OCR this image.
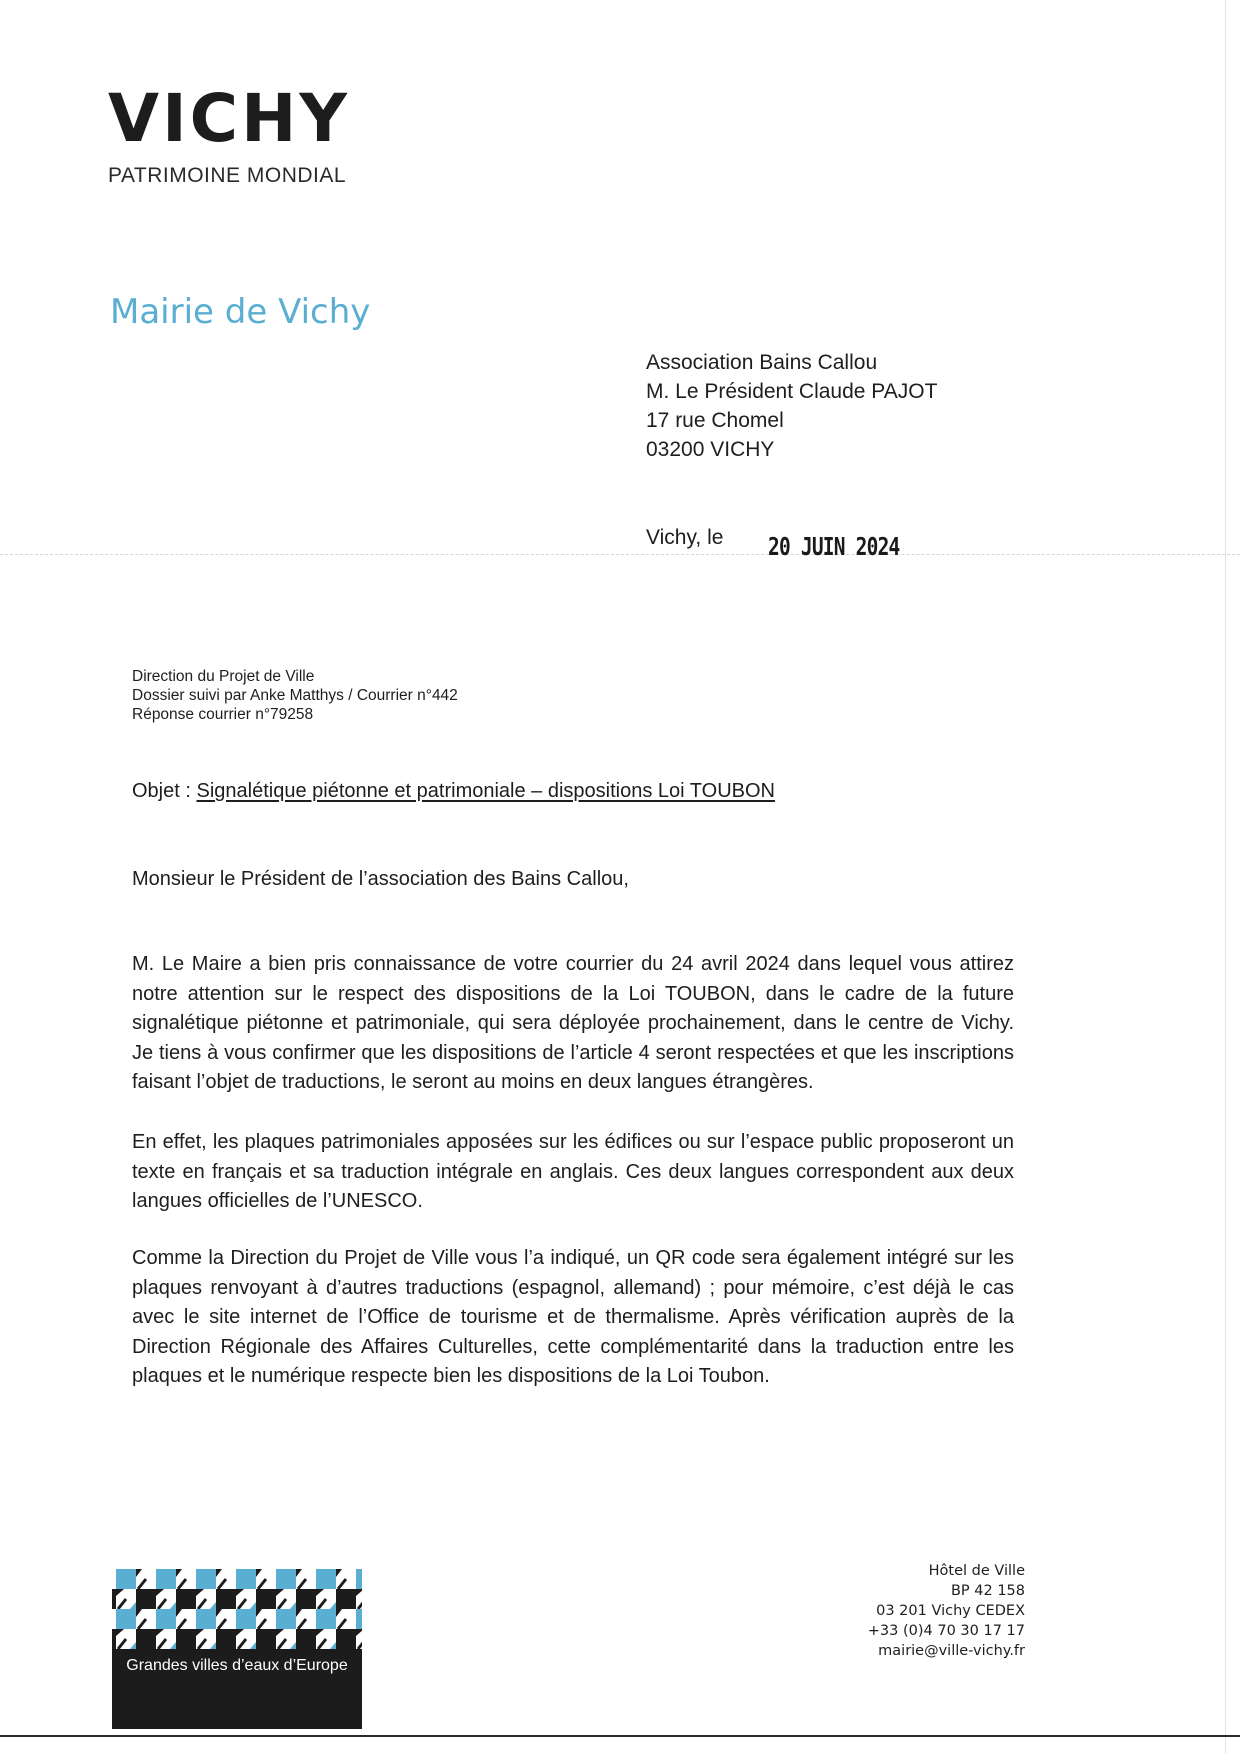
VICHY
PATRIMOINE MONDIAL
Mairie de Vichy
Association Bains Callou
M. Le Président Claude PAJOT
17 rue Chomel
03200 VICHY
Vichy, le 20 JUIN 2024
Direction du Projet de Ville
Dossier suivi par Anke Matthys / Courrier n°442
Réponse courrier n°79258
Objet : Signalétique piétonne et patrimoniale – dispositions Loi TOUBON
Monsieur le Président de l’association des Bains Callou,

M. Le Maire a bien pris connaissance de votre courrier du 24 avril 2024 dans lequel vous attirez notre attention sur le respect des dispositions de la Loi TOUBON, dans le cadre de la future signalétique piétonne et patrimoniale, qui sera déployée prochainement, dans le centre de Vichy. Je tiens à vous confirmer que les dispositions de l’article 4 seront respectées et que les inscriptions faisant l’objet de traductions, le seront au moins en deux langues étrangères.

En effet, les plaques patrimoniales apposées sur les édifices ou sur l’espace public proposeront un texte en français et sa traduction intégrale en anglais. Ces deux langues correspondent aux deux langues officielles de l’UNESCO.

Comme la Direction du Projet de Ville vous l’a indiqué, un QR code sera également intégré sur les plaques renvoyant à d’autres traductions (espagnol, allemand) ; pour mémoire, c’est déjà le cas avec le site internet de l’Office de tourisme et de thermalisme. Après vérification auprès de la Direction Régionale des Affaires Culturelles, cette complémentarité dans la traduction entre les plaques et le numérique respecte bien les dispositions de la Loi Toubon.

Grandes villes d’eaux d’Europe
Hôtel de Ville
BP 42 158
03 201 Vichy CEDEX
+33 (0)4 70 30 17 17
mairie@ville-vichy.fr
